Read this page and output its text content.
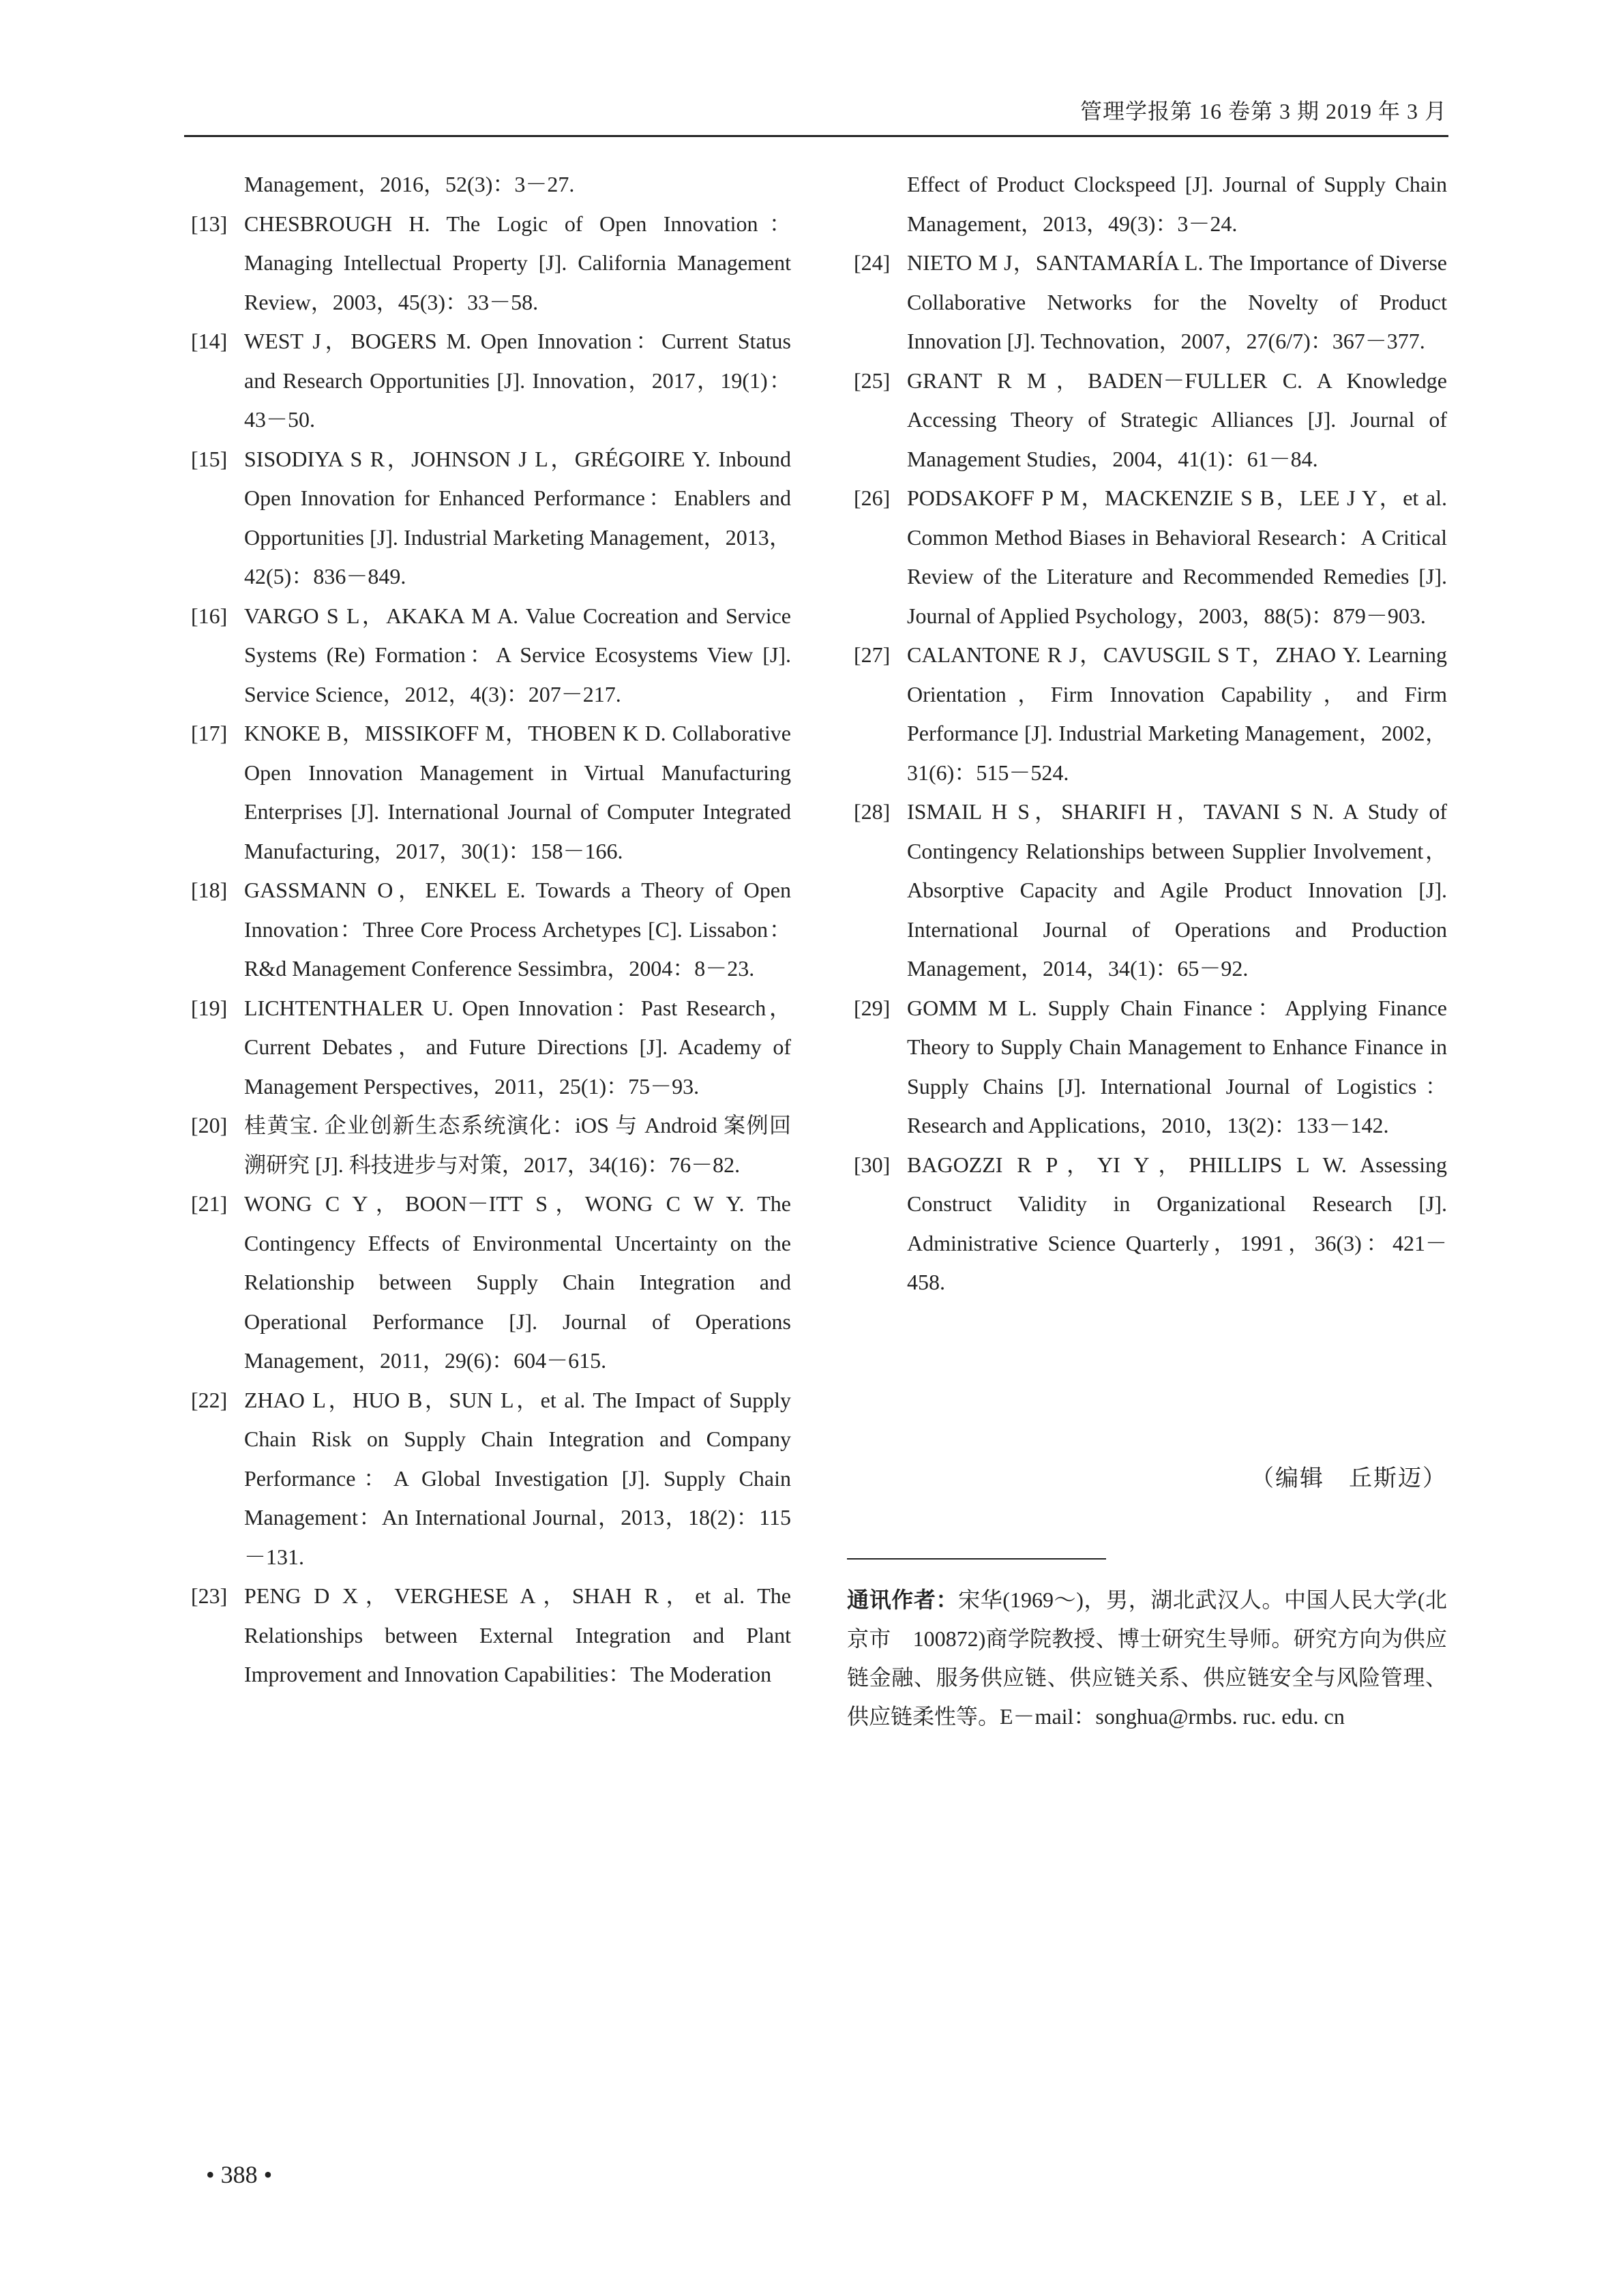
管理学报第 16 卷第 3 期 2019 年 3 月
Management，2016，52(3)：3－27.
[13] CHESBROUGH H. The Logic of Open Innovation：Managing Intellectual Property [J]. California Management Review，2003，45(3)：33－58.
[14] WEST J，BOGERS M. Open Innovation：Current Status and Research Opportunities [J]. Innovation，2017，19(1)：43－50.
[15] SISODIYA S R，JOHNSON J L，GRÉGOIRE Y. Inbound Open Innovation for Enhanced Performance：Enablers and Opportunities [J]. Industrial Marketing Management，2013，42(5)：836－849.
[16] VARGO S L，AKAKA M A. Value Cocreation and Service Systems (Re) Formation：A Service Ecosystems View [J]. Service Science，2012，4(3)：207－217.
[17] KNOKE B，MISSIKOFF M，THOBEN K D. Collaborative Open Innovation Management in Virtual Manufacturing Enterprises [J]. International Journal of Computer Integrated Manufacturing，2017，30(1)：158－166.
[18] GASSMANN O，ENKEL E. Towards a Theory of Open Innovation：Three Core Process Archetypes [C]. Lissabon：R&d Management Conference Sessimbra，2004：8－23.
[19] LICHTENTHALER U. Open Innovation：Past Research，Current Debates，and Future Directions [J]. Academy of Management Perspectives，2011，25(1)：75－93.
[20] 桂黄宝. 企业创新生态系统演化：iOS 与 Android 案例回溯研究 [J]. 科技进步与对策，2017，34(16)：76－82.
[21] WONG C Y，BOON－ITT S，WONG C W Y. The Contingency Effects of Environmental Uncertainty on the Relationship between Supply Chain Integration and Operational Performance [J]. Journal of Operations Management，2011，29(6)：604－615.
[22] ZHAO L，HUO B，SUN L，et al. The Impact of Supply Chain Risk on Supply Chain Integration and Company Performance：A Global Investigation [J]. Supply Chain Management：An International Journal，2013，18(2)：115－131.
[23] PENG D X，VERGHESE A，SHAH R，et al. The Relationships between External Integration and Plant Improvement and Innovation Capabilities：The Moderation
Effect of Product Clockspeed [J]. Journal of Supply Chain Management，2013，49(3)：3－24.
[24] NIETO M J，SANTAMARÍA L. The Importance of Diverse Collaborative Networks for the Novelty of Product Innovation [J]. Technovation，2007，27(6/7)：367－377.
[25] GRANT R M，BADEN－FULLER C. A Knowledge Accessing Theory of Strategic Alliances [J]. Journal of Management Studies，2004，41(1)：61－84.
[26] PODSAKOFF P M，MACKENZIE S B，LEE J Y，et al. Common Method Biases in Behavioral Research：A Critical Review of the Literature and Recommended Remedies [J]. Journal of Applied Psychology，2003，88(5)：879－903.
[27] CALANTONE R J，CAVUSGIL S T，ZHAO Y. Learning Orientation，Firm Innovation Capability，and Firm Performance [J]. Industrial Marketing Management，2002，31(6)：515－524.
[28] ISMAIL H S，SHARIFI H，TAVANI S N. A Study of Contingency Relationships between Supplier Involvement，Absorptive Capacity and Agile Product Innovation [J]. International Journal of Operations and Production Management，2014，34(1)：65－92.
[29] GOMM M L. Supply Chain Finance：Applying Finance Theory to Supply Chain Management to Enhance Finance in Supply Chains [J]. International Journal of Logistics：Research and Applications，2010，13(2)：133－142.
[30] BAGOZZI R P，YI Y，PHILLIPS L W. Assessing Construct Validity in Organizational Research [J]. Administrative Science Quarterly，1991，36(3)：421－458.
（编辑　丘斯迈）
通讯作者：宋华(1969～)，男，湖北武汉人。中国人民大学(北京市　100872)商学院教授、博士研究生导师。研究方向为供应链金融、服务供应链、供应链关系、供应链安全与风险管理、供应链柔性等。E－mail：songhua@rmbs. ruc. edu. cn
• 388 •
